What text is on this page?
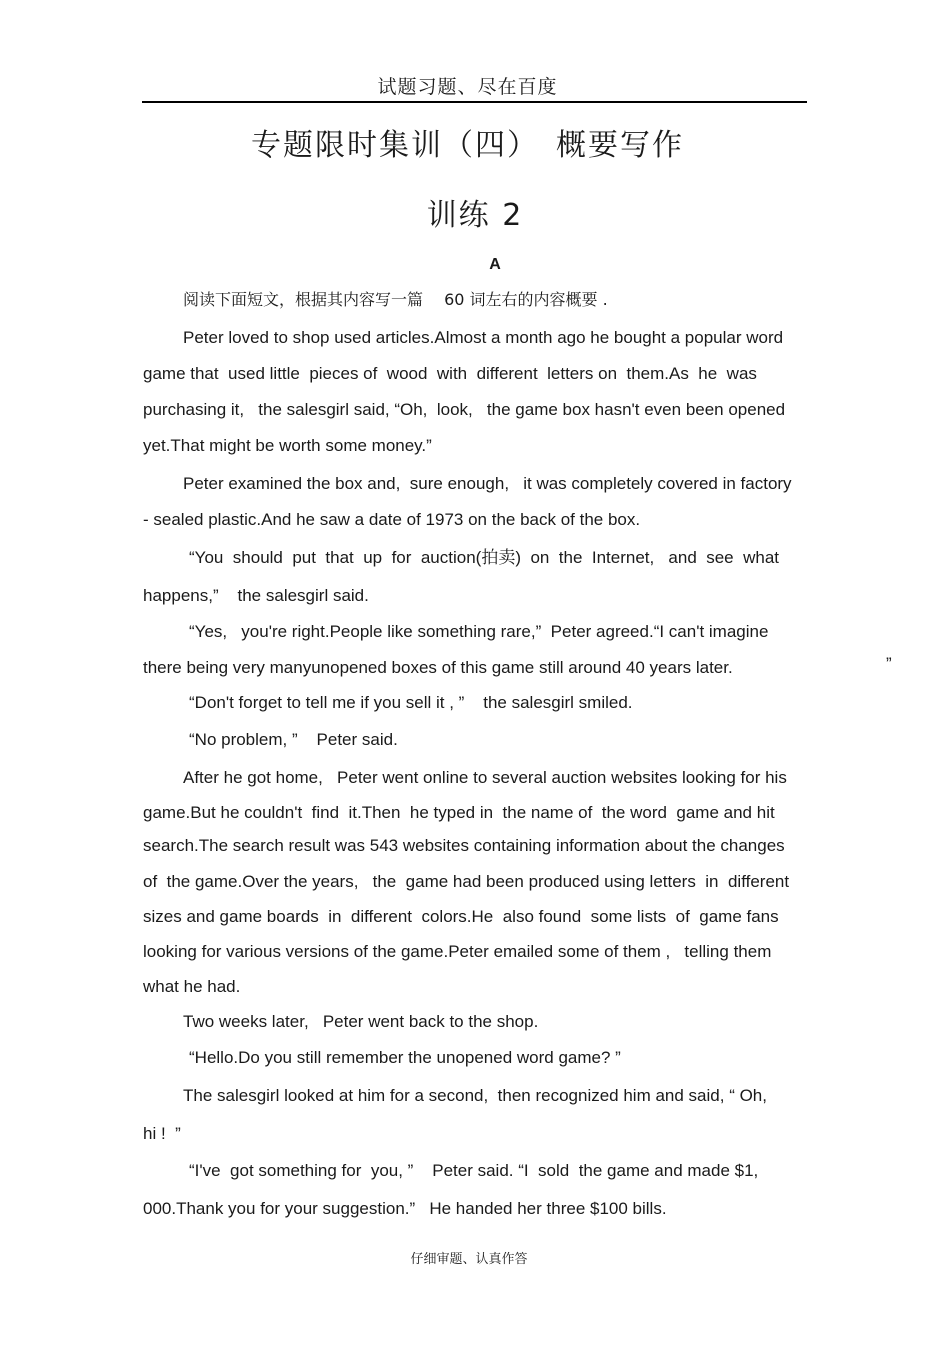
试题习题、尽在百度
专题限时集训（四）　概要写作
训练 2
A
阅读下面短文，根据其内容写一篇　 60 词左右的内容概要 .
Peter loved to shop used articles.Almost a month ago he bought a popular word
game that  used little  pieces of  wood  with  different  letters on  them.As  he  was
purchasing it,   the salesgirl said, “Oh,  look,   the game box hasn't even been opened
yet.That might be worth some money.”
Peter examined the box and,  sure enough,   it was completely covered in factory
- sealed plastic.And he saw a date of 1973 on the back of the box.
“You  should  put  that  up  for  auction(拍卖)  on  the  Internet,   and  see  what
happens,”    the salesgirl said.
“Yes,   you're right.People like something rare,”  Peter agreed.“I can't imagine
there being very manyunopened boxes of this game still around 40 years later.	”
“Don't forget to tell me if you sell it , ”    the salesgirl smiled.
“No problem, ”    Peter said.
After he got home,   Peter went online to several auction websites looking for his
game.But he couldn't  find  it.Then  he typed in  the name of  the word  game and hit
search.The search result was 543 websites containing information about the changes
of  the game.Over the years,   the  game had been produced using letters  in  different
sizes and game boards  in  different  colors.He  also found  some lists  of  game fans
looking for various versions of the game.Peter emailed some of them ,   telling them
what he had.
Two weeks later,   Peter went back to the shop.
“Hello.Do you still remember the unopened word game? ”
The salesgirl looked at him for a second,  then recognized him and said, “ Oh,
hi !  ”
“I've  got something for  you, ”    Peter said. “I  sold  the game and made $1,
000.Thank you for your suggestion.”   He handed her three $100 bills.
仔细审题、认真作答
